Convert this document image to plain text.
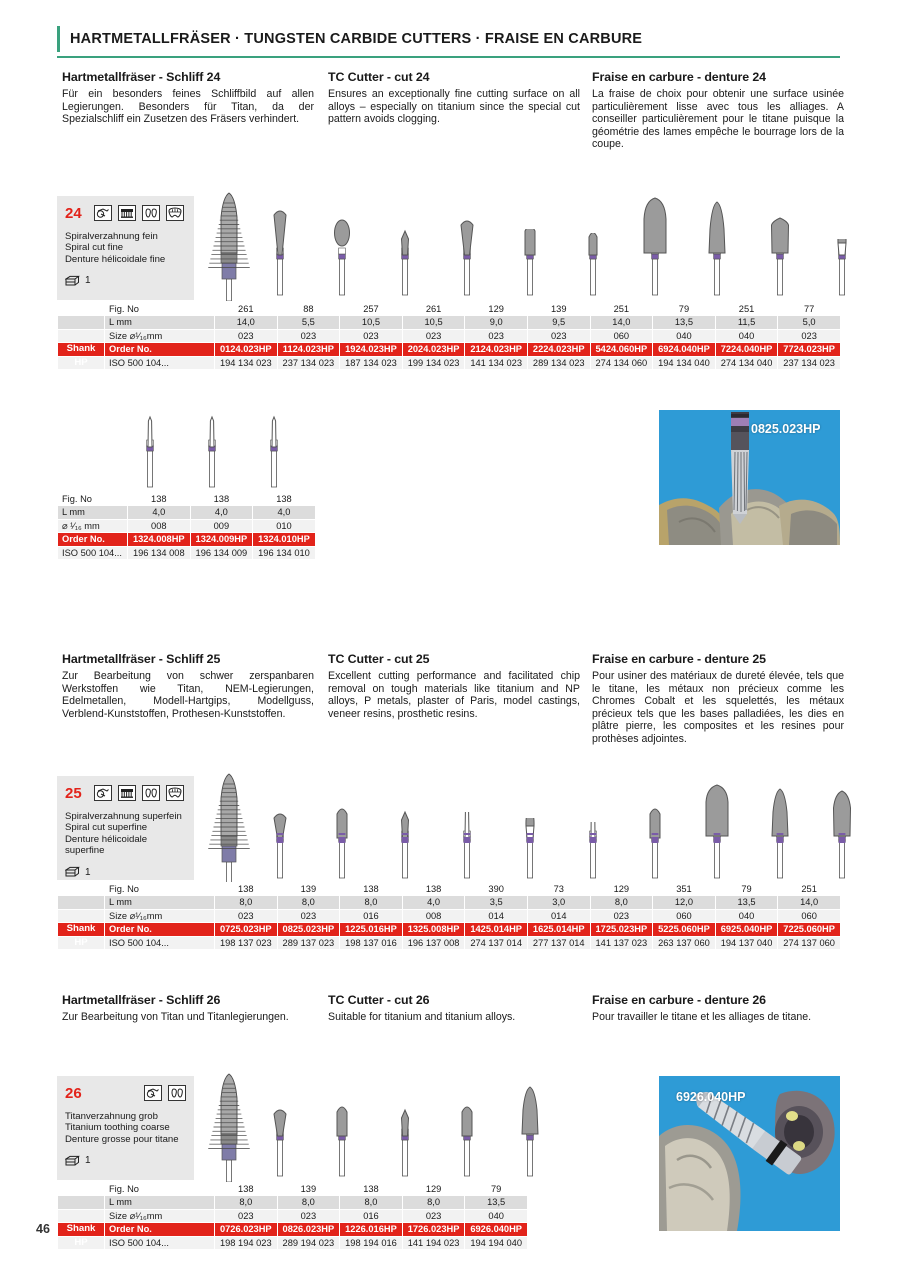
HARTMETALLFRÄSER · TUNGSTEN CARBIDE CUTTERS · FRAISE EN CARBURE
Hartmetallfräser - Schliff 24

Für ein besonders feines Schliffbild auf allen Legierungen. Besonders für Titan, da der Spezialschliff ein Zusetzen des Fräsers verhindert.

TC Cutter - cut 24

Ensures an exceptionally fine cutting surface on all alloys – especially on titanium since the special cut pattern avoids clogging.

Fraise en carbure - denture 24

La fraise de choix pour obtenir une surface usinée particulièrement lisse avec tous les alliages. A conseiller particulièrement pour le titane puisque la géométrie des lames empêche le bourrage lors de la coupe.

24
Spiralverzahnung fein
Spiral cut fine
Denture hélicoidale fine
1
	Fig. No	261	88	257	261	129	139	251	79	251	77
	L mm	14,0	5,5	10,5	10,5	9,0	9,5	14,0	13,5	11,5	5,0
	Size ⌀¹⁄₁₆mm	023	023	023	023	023	023	060	040	040	023
Shank	Order No.	0124.023HP	1124.023HP	1924.023HP	2024.023HP	2124.023HP	2224.023HP	5424.060HP	6924.040HP	7224.040HP	7724.023HP
HP	ISO 500 104...	194 134 023	237 134 023	187 134 023	199 134 023	141 134 023	289 134 023	274 134 060	194 134 040	274 134 040	237 134 023
Fig. No	138	138	138
L mm	4,0	4,0	4,0
⌀ ¹⁄₁₆ mm	008	009	010
Order No.	1324.008HP	1324.009HP	1324.010HP
ISO 500 104...	196 134 008	196 134 009	196 134 010
0825.023HP
Hartmetallfräser - Schliff 25

Zur Bearbeitung von schwer zerspanbaren Werkstoffen wie Titan, NEM-Legierungen, Edelmetallen, Modell-Hartgips, Modellguss, Verblend-Kunststoffen, Prothesen-Kunststoffen.

TC Cutter - cut 25

Excellent cutting performance and facilitated chip removal on tough materials like titanium and NP alloys, P metals, plaster of Paris, model castings, veneer resins, prosthetic resins.

Fraise en carbure - denture 25

Pour usiner des matériaux de dureté élevée, tels que le titane, les métaux non précieux comme les Chromes Cobalt et les squelettés, les métaux précieux tels que les bases palladiées, les dies en plâtre pierre, les composites et les resines pour prothèses adjointes.

25
Spiralverzahnung superfein
Spiral cut superfine
Denture hélicoidale superfine
1
	Fig. No	138	139	138	138	390	73	129	351	79	251
	L mm	8,0	8,0	8,0	4,0	3,5	3,0	8,0	12,0	13,5	14,0
	Size ⌀¹⁄₁₆mm	023	023	016	008	014	014	023	060	040	060
Shank	Order No.	0725.023HP	0825.023HP	1225.016HP	1325.008HP	1425.014HP	1625.014HP	1725.023HP	5225.060HP	6925.040HP	7225.060HP
HP	ISO 500 104...	198 137 023	289 137 023	198 137 016	196 137 008	274 137 014	277 137 014	141 137 023	263 137 060	194 137 040	274 137 060
Hartmetallfräser - Schliff 26

Zur Bearbeitung von Titan und Titanlegierungen.

TC Cutter - cut 26

Suitable for titanium and titanium alloys.

Fraise en carbure - denture 26

Pour travailler le titane et les alliages de titane.

26
Titanverzahnung grob
Titanium toothing coarse
Denture grosse pour titane
1
	Fig. No	138	139	138	129	79
	L mm	8,0	8,0	8,0	8,0	13,5
	Size ⌀¹⁄₁₆mm	023	023	016	023	040
Shank	Order No.	0726.023HP	0826.023HP	1226.016HP	1726.023HP	6926.040HP
HP	ISO 500 104...	198 194 023	289 194 023	198 194 016	141 194 023	194 194 040
6926.040HP
46
